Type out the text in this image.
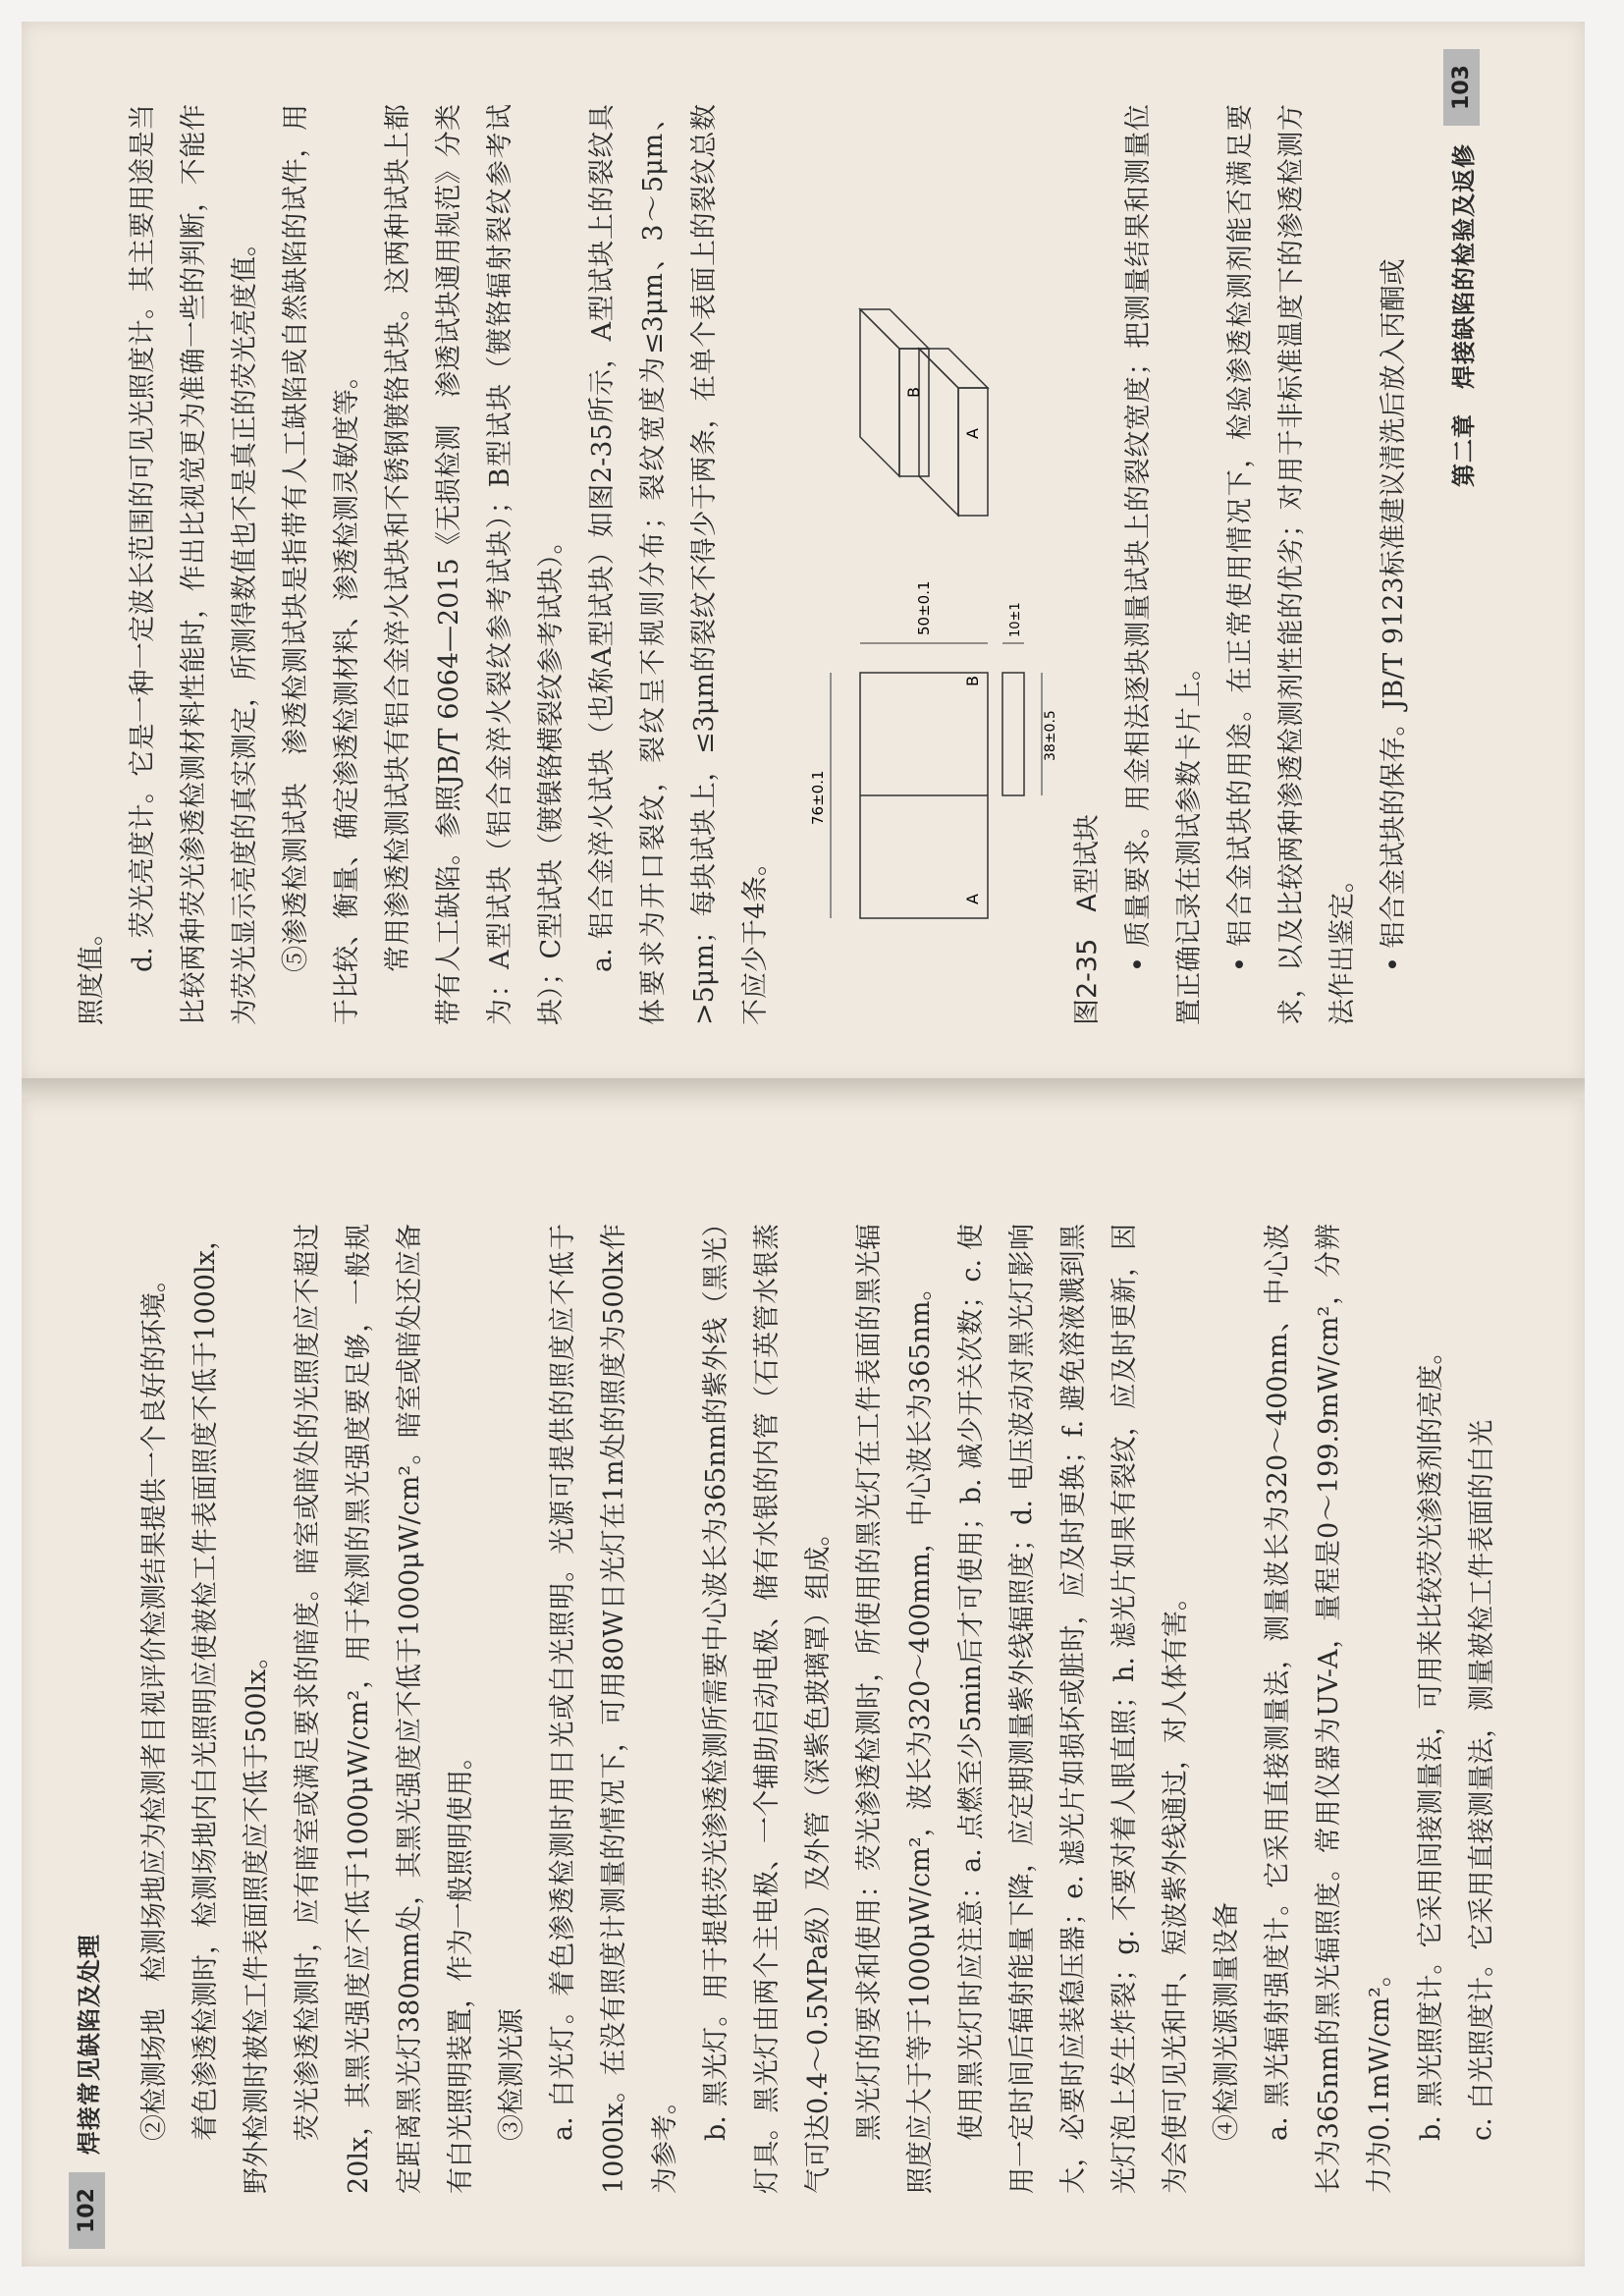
102
焊接常见缺陷及处理	②检测场地　检测场地应为检测者目视评价检测结果提供一个良好的环境。 着色渗透检测时，检测场地内白光照明应使被检工件表面照度不低于1000lx，野外检测时被检工件表面照度应不低于500lx。 荧光渗透检测时，应有暗室或满足要求的暗度。暗室或暗处的光照度应不超过20lx，其黑光强度应不低于1000μW/cm²，用于检测的黑光强度要足够，一般规定距离黑光灯380mm处，其黑光强度应不低于1000μW/cm²。暗室或暗处还应备有白光照明装置，作为一般照明使用。 ③检测光源 a. 白光灯。着色渗透检测时用日光或白光照明。光源可提供的照度应不低于1000lx。在没有照度计测量的情况下，可用80W日光灯在1m处的照度为500lx作为参考。 b. 黑光灯。用于提供荧光渗透检测所需要中心波长为365nm的紫外线（黑光）灯具。黑光灯由两个主电极、一个辅助启动电极、储有水银的内管（石英管水银蒸气可达0.4～0.5MPa级）及外管（深紫色玻璃罩）组成。 黑光灯的要求和使用：荧光渗透检测时，所使用的黑光灯在工件表面的黑光辐照度应大于等于1000μW/cm²，波长为320～400mm，中心波长为365nm。 使用黑光灯时应注意：a. 点燃至少5min后才可使用；b. 减少开关次数；c. 使用一定时间后辐射能量下降，应定期测量紫外线辐照度；d. 电压波动对黑光灯影响大，必要时应装稳压器；e. 滤光片如损坏或脏时，应及时更换；f. 避免溶液溅到黑光灯泡上发生炸裂；g. 不要对着人眼直照；h. 滤光片如果有裂纹，应及时更新，因为会使可见光和中、短波紫外线通过，对人体有害。 ④检测光源测量设备 a. 黑光辐射强度计。它采用直接测量法，测量波长为320～400nm、中心波长为365nm的黑光辐照度。常用仪器为UV-A，量程是0～199.9mW/cm²，分辨力为0.1mW/cm²。 b. 黑光照度计。它采用间接测量法，可用来比较荧光渗透剂的亮度。 c. 白光照度计。它采用直接测量法，测量被检工件表面的白光

照度值。 d. 荧光亮度计。它是一种一定波长范围的可见光照度计。其主要用途是当比较两种荧光渗透检测材料性能时，作出比视觉更为准确一些的判断，不能作为荧光显示亮度的真实测定，所测得数值也不是真正的荧光亮度值。 ⑤渗透检测试块　渗透检测试块是指带有人工缺陷或自然缺陷的试件，用于比较、衡量、确定渗透检测材料、渗透检测灵敏度等。 常用渗透检测试块有铝合金淬火试块和不锈钢镀铬试块。这两种试块上都带有人工缺陷。参照JB/T 6064—2015《无损检测　渗透试块通用规范》分类为：A型试块（铝合金淬火裂纹参考试块）；B型试块（镀铬辐射裂纹参考试块）；C型试块（镀镍铬横裂纹参考试块）。 a. 铝合金淬火试块（也称A型试块）如图2-35所示，A型试块上的裂纹具体要求为开口裂纹，裂纹呈不规则分布；裂纹宽度为≤3μm、3～5μm、>5μm；每块试块上，≤3μm的裂纹不得少于两条，在单个表面上的裂纹总数不应少于4条。	A
B
76±0.1
50±0.1
38±0.5
10±1
A
B

图2-35　A型试块 • 质量要求。用金相法逐块测量试块上的裂纹宽度；把测量结果和测量位置正确记录在测试参数卡片上。 • 铝合金试块的用途。在正常使用情况下，检验渗透检测剂能否满足要求，以及比较两种渗透检测剂性能的优劣；对用于非标准温度下的渗透检测方法作出鉴定。 • 铝合金试块的保存。JB/T 9123标准建议清洗后放入丙酮或	第二章　焊接缺陷的检验及返修
103
